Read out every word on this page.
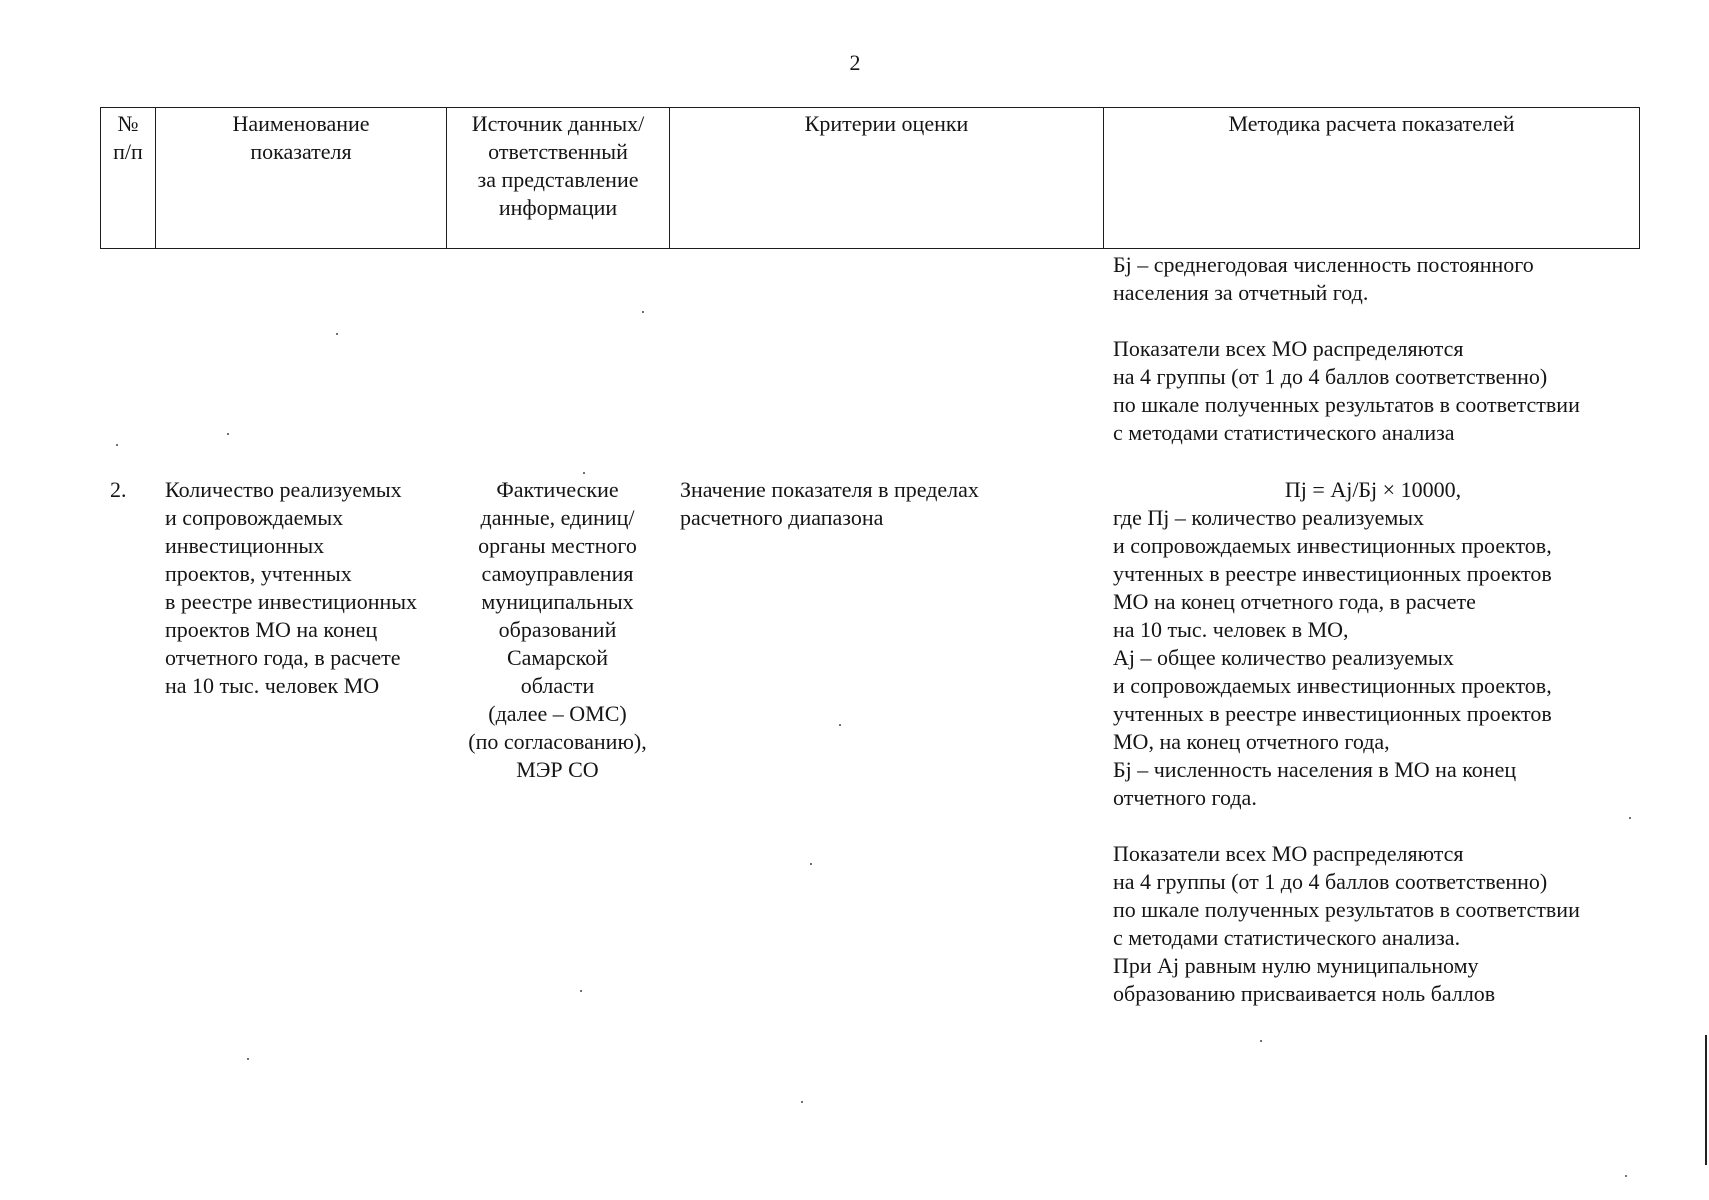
2
№
п/п
Наименование
показателя
Источник данных/
ответственный
за представление
информации
Критерии оценки	Методика расчета показателей
Бj – среднегодовая численность постоянного
населения за отчетный год.

Показатели всех МО распределяются
на 4 группы (от 1 до 4 баллов соответственно)
по шкале полученных результатов в соответствии
с методами статистического анализа
2.	Количество реализуемых
и сопровождаемых
инвестиционных
проектов, учтенных
в реестре инвестиционных
проектов МО на конец
отчетного года, в расчете
на 10 тыс. человек МО
Фактические
данные, единиц/
органы местного
самоуправления
муниципальных
образований
Самарской
области
(далее – ОМС)
(по согласованию),
МЭР СО
Значение показателя в пределах
расчетного диапазона
Пj = Аj/Бj × 10000,
где Пj – количество реализуемых
и сопровождаемых инвестиционных проектов,
учтенных в реестре инвестиционных проектов
МО на конец отчетного года, в расчете
на 10 тыс. человек в МО,
Аj – общее количество реализуемых
и сопровождаемых инвестиционных проектов,
учтенных в реестре инвестиционных проектов
МО, на конец отчетного года,
Бj – численность населения в МО на конец
отчетного года.

Показатели всех МО распределяются
на 4 группы (от 1 до 4 баллов соответственно)
по шкале полученных результатов в соответствии
с методами статистического анализа.
При Аj равным нулю муниципальному
образованию присваивается ноль баллов
